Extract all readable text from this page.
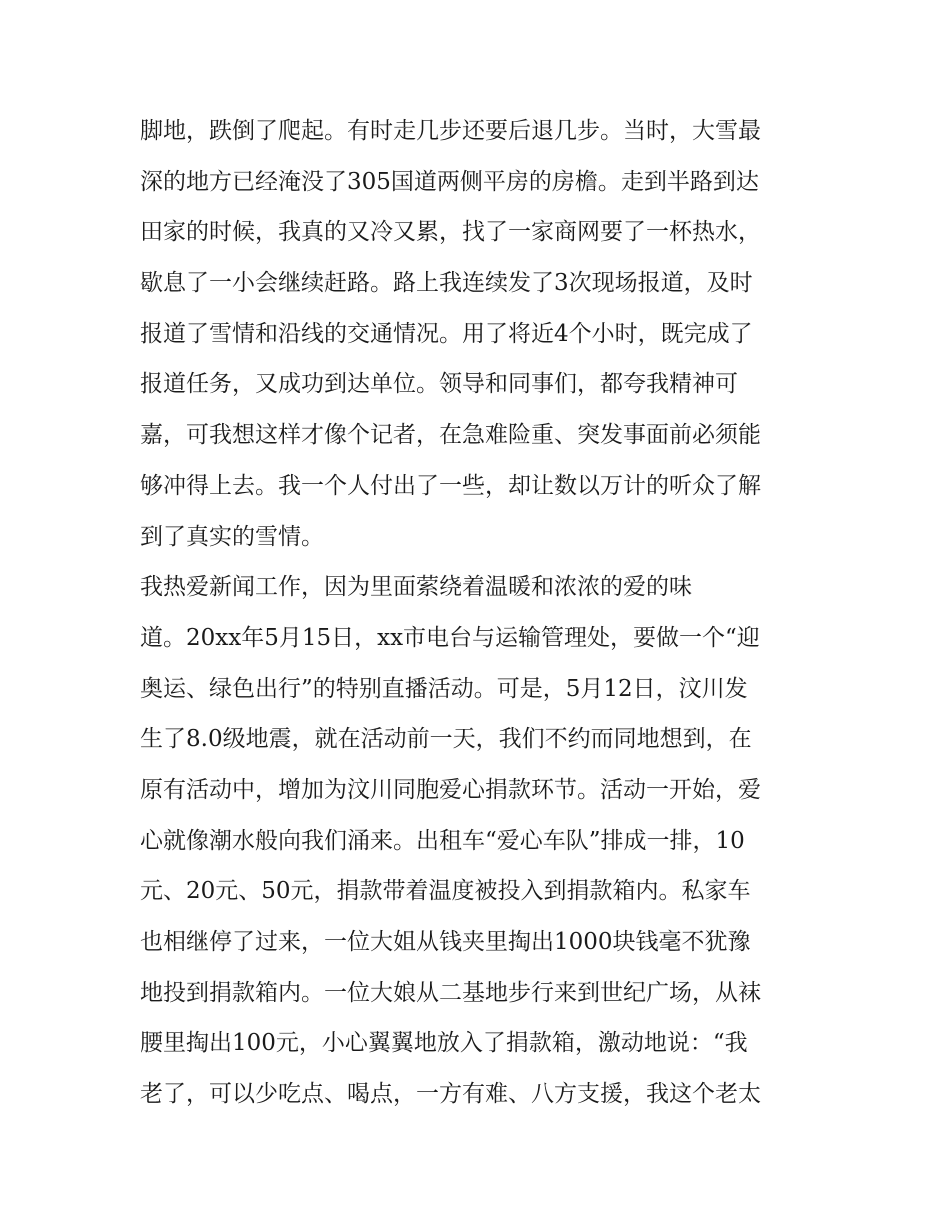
脚地，跌倒了爬起。有时走几步还要后退几步。当时，大雪最

深的地方已经淹没了305国道两侧平房的房檐。走到半路到达

田家的时候，我真的又冷又累，找了一家商网要了一杯热水，

歇息了一小会继续赶路。路上我连续发了3次现场报道，及时

报道了雪情和沿线的交通情况。用了将近4个小时，既完成了

报道任务，又成功到达单位。领导和同事们，都夸我精神可

嘉，可我想这样才像个记者，在急难险重、突发事面前必须能

够冲得上去。我一个人付出了一些，却让数以万计的听众了解

到了真实的雪情。

我热爱新闻工作，因为里面萦绕着温暖和浓浓的爱的味

道。20xx年5月15日，xx市电台与运输管理处，要做一个“迎

奥运、绿色出行”的特别直播活动。可是，5月12日，汶川发

生了8.0级地震，就在活动前一天，我们不约而同地想到，在

原有活动中，增加为汶川同胞爱心捐款环节。活动一开始，爱

心就像潮水般向我们涌来。出租车“爱心车队”排成一排，10

元、20元、50元，捐款带着温度被投入到捐款箱内。私家车

也相继停了过来，一位大姐从钱夹里掏出1000块钱毫不犹豫

地投到捐款箱内。一位大娘从二基地步行来到世纪广场，从袜

腰里掏出100元，小心翼翼地放入了捐款箱，激动地说：“我

老了，可以少吃点、喝点，一方有难、八方支援，我这个老太
